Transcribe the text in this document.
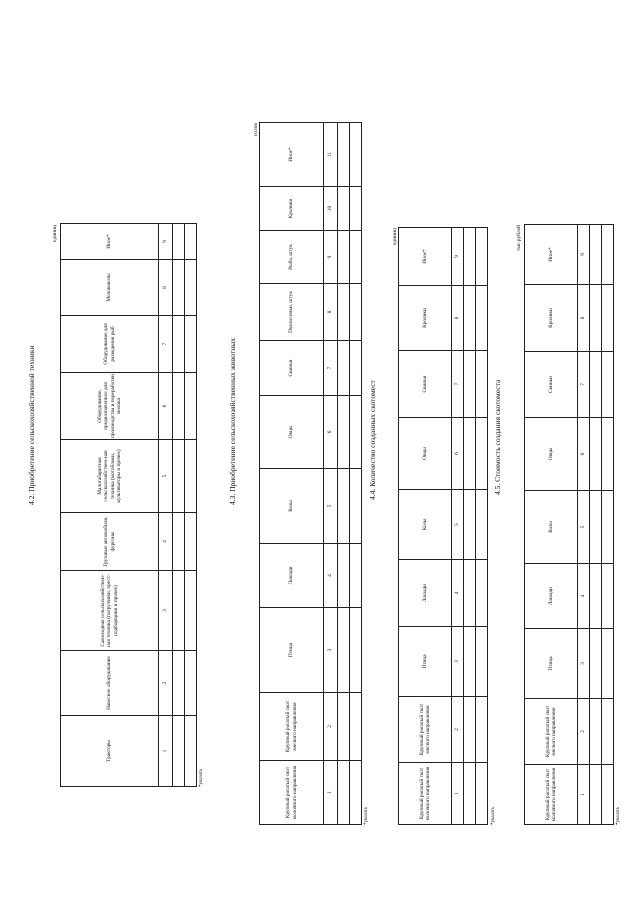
4.2. Приобретение сельскохозяйственной техники
единиц
Тракторы	Навесное оборудование	Самоходная сельскохозяйствен-ная техника (погрузчики, пресс-подборщики и прочее)	Грузовые автомобили, фургоны	Малогабаритная сельскохозяйствен-ная техника (мотоблоки, культиваторы и прочее)	Оборудование, предназначенное для производства и переработки молока	Оборудование для разведения рыб	Молоковозы	Иное*
1	2	3	4	5	6	7	8	9

*указать
4.3. Приобретение сельскохозяйственных животных
голов
Крупный рогатый скот молочного направления	Крупный рогатый скот мясного направления	Птица	Лошади	Козы	Овцы	Свиньи	Пчелосемьи, штук	Рыба, штук	Кролики	Иное*
1	2	3	4	5	6	7	8	9	10	11

*указать
4.4. Количество созданных скотомест
единиц
Крупный рогатый скот молочного направления	Крупный рогатый скот мясного направления	Птица	Лошади	Козы	Овцы	Свиньи	Кролики	Иное*
1	2	3	4	5	6	7	8	9

*указать
4.5. Стоимость создания скотоместа
тыс.рублей
Крупный рогатый скот молочного направления	Крупный рогатый скот мясного направления	Птица	Лошади	Козы	Овцы	Свиньи	Кролики	Иное*
1	2	3	4	5	6	7	8	9

*указать
